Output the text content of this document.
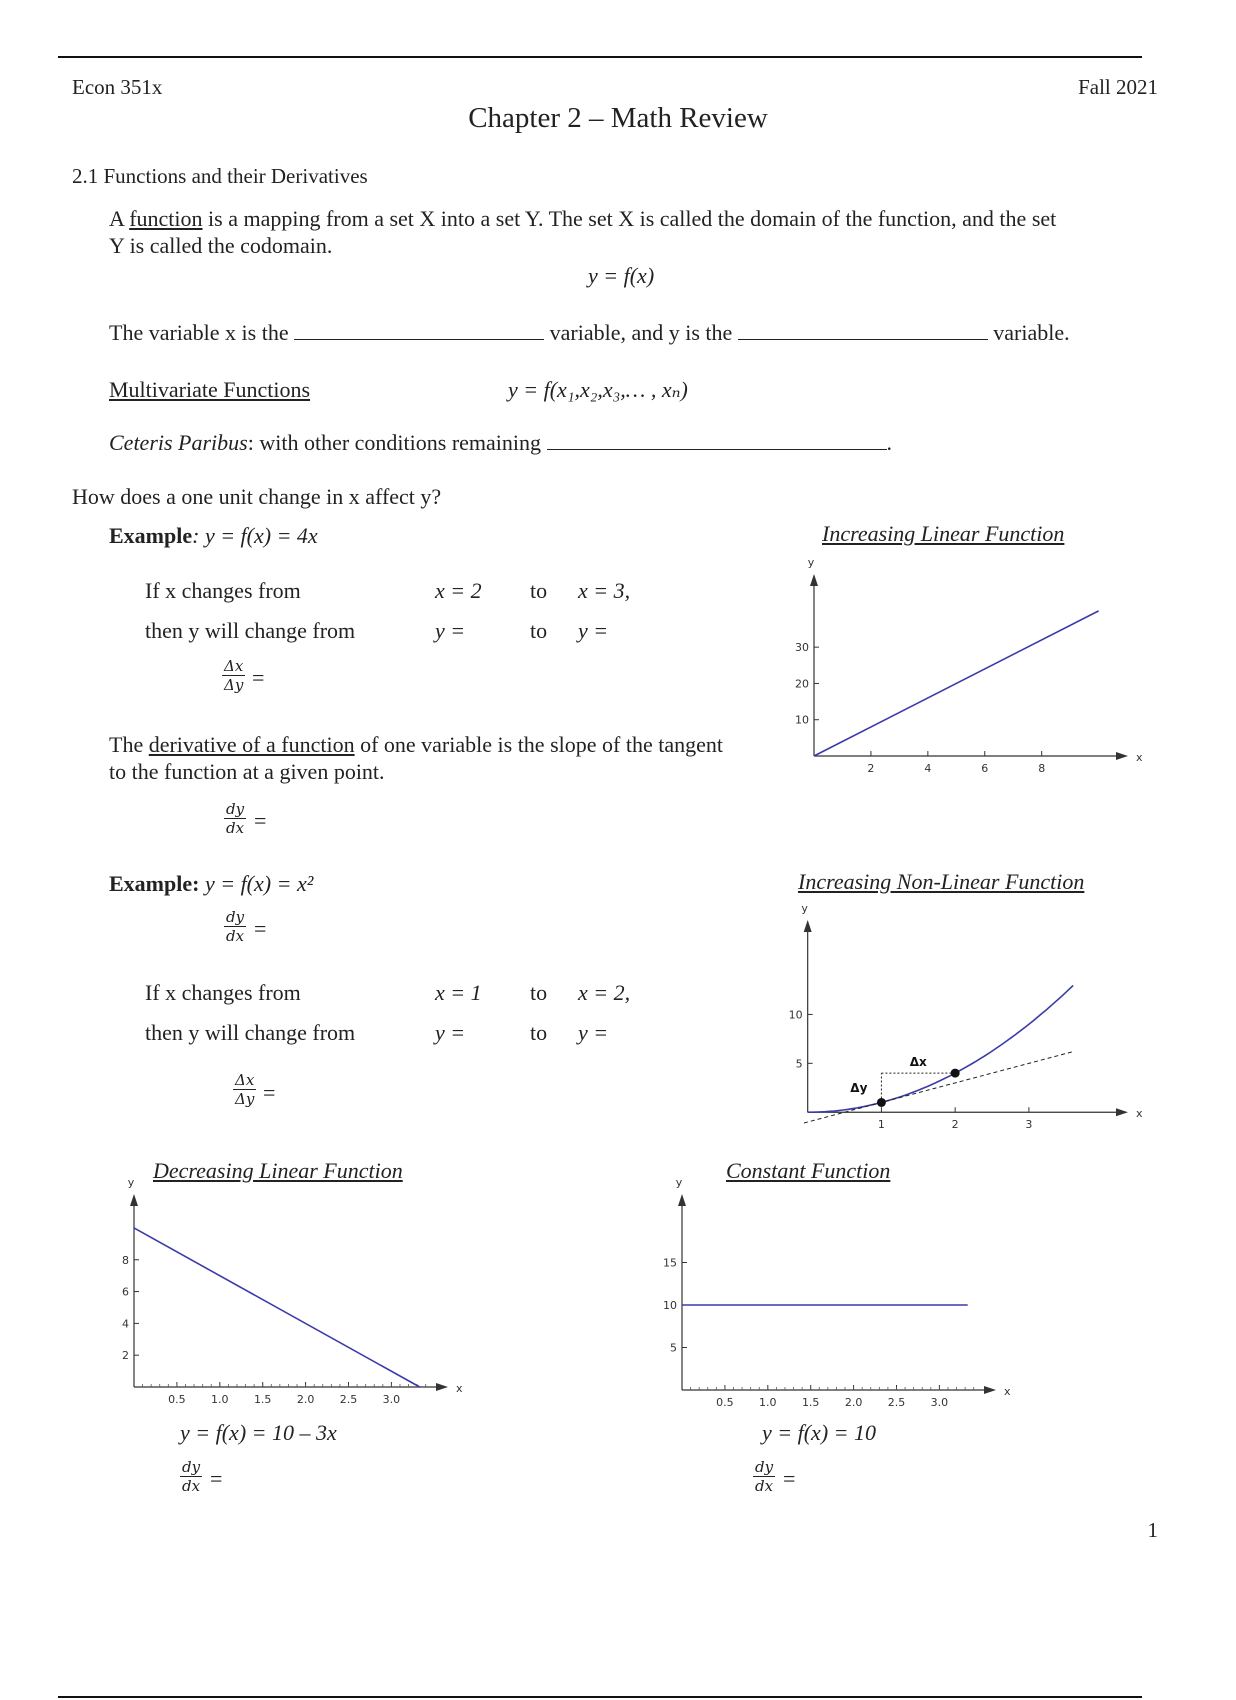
Econ 351x	Fall 2021
Chapter 2 – Math Review
2.1 Functions and their Derivatives
A function is a mapping from a set X into a set Y. The set X is called the domain of the function, and the set
Y is called the codomain.
y = f(x)
The variable x is the	variable, and y is the	variable.
Multivariate Functions	y = f(x₁,x₂,x₃,… , xₙ)
Ceteris Paribus: with other conditions remaining	.
How does a one unit change in x affect y?
Example: y = f(x) = 4x
If x changes from	x = 2 to x = 3,
then y will change from	y =	to y =
$\frac{\Delta x}{\Delta y}$ =
The derivative of a function of one variable is the slope of the tangent
to the function at a given point.
$\frac{dy}{dx}$ =
Example: y = f(x) = x²
$\frac{dy}{dx}$ =
If x changes from	x = 1 to x = 2,
then y will change from	y =	to y =
$\frac{\Delta x}{\Delta y}$ =
Increasing Linear Function
Increasing Non-Linear Function
Decreasing Linear Function	Constant Function
x
y
2	4	6	8
10
20
30
x
y
1	2	3
5
10
Δx
Δy
x
y
0.5 1.0 1.5 2.0 2.5 3.0
2
4
6
8
x
y
0.5 1.0 1.5 2.0 2.5 3.0
5
10
15
y = f(x) = 10 – 3x
$\frac{dy}{dx}$ =
y = f(x) = 10
$\frac{dy}{dx}$ =
1
